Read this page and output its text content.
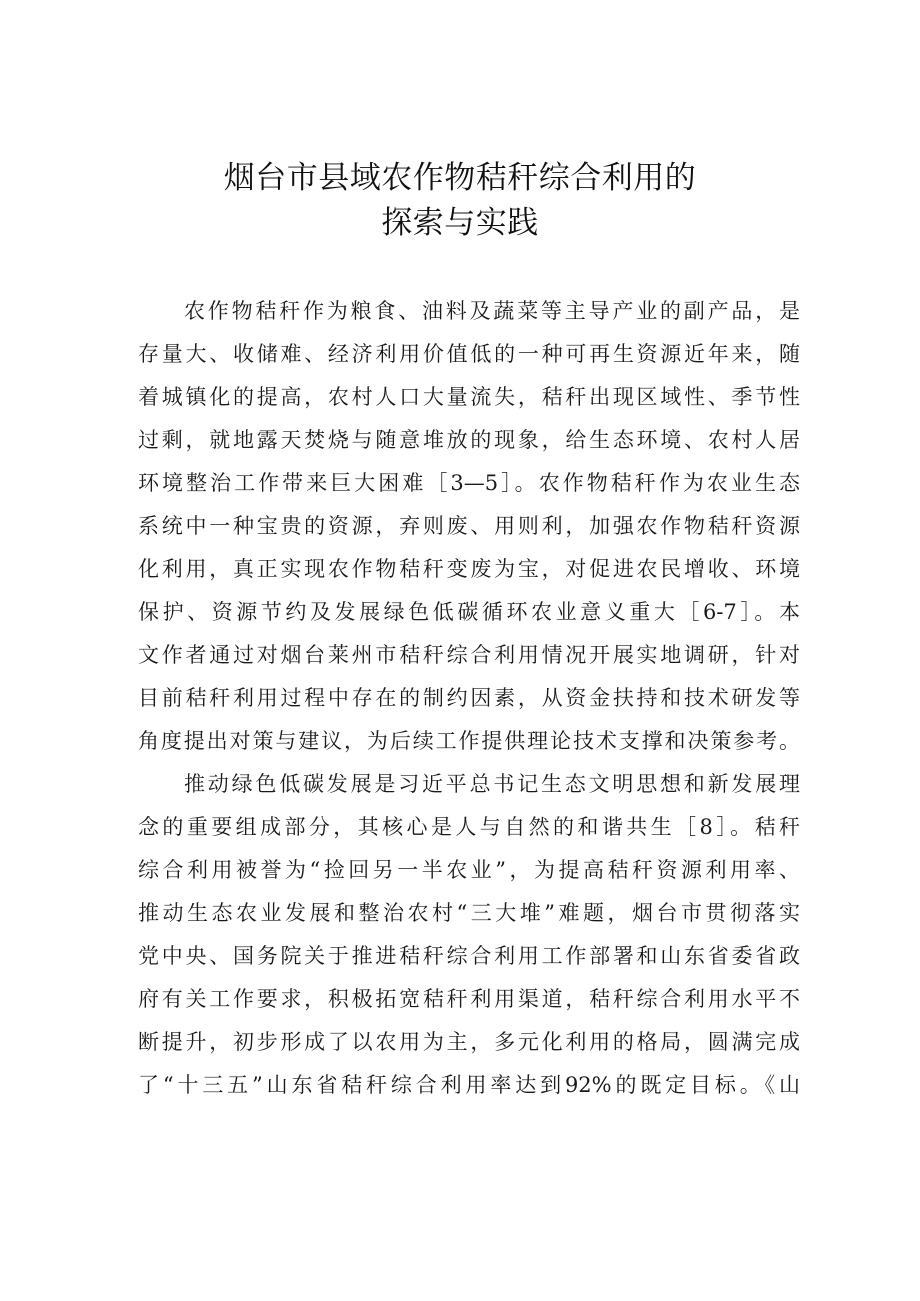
烟台市县域农作物秸秆综合利用的
探索与实践
农作物秸秆作为粮食、油料及蔬菜等主导产业的副产品，是
存量大、收储难、经济利用价值低的一种可再生资源近年来，随
着城镇化的提高，农村人口大量流失，秸秆出现区域性、季节性
过剩，就地露天焚烧与随意堆放的现象，给生态环境、农村人居
环境整治工作带来巨大困难［3—5］。农作物秸秆作为农业生态
系统中一种宝贵的资源，弃则废、用则利，加强农作物秸秆资源
化利用，真正实现农作物秸秆变废为宝，对促进农民增收、环境
保护、资源节约及发展绿色低碳循环农业意义重大［6-7］。本
文作者通过对烟台莱州市秸秆综合利用情况开展实地调研，针对
目前秸秆利用过程中存在的制约因素，从资金扶持和技术研发等
角度提出对策与建议，为后续工作提供理论技术支撑和决策参考。
推动绿色低碳发展是习近平总书记生态文明思想和新发展理
念的重要组成部分，其核心是人与自然的和谐共生［8］。秸秆
综合利用被誉为“捡回另一半农业”，为提高秸秆资源利用率、
推动生态农业发展和整治农村“三大堆”难题，烟台市贯彻落实
党中央、国务院关于推进秸秆综合利用工作部署和山东省委省政
府有关工作要求，积极拓宽秸秆利用渠道，秸秆综合利用水平不
断提升，初步形成了以农用为主，多元化利用的格局，圆满完成
了“十三五”山东省秸秆综合利用率达到92%的既定目标。《山
